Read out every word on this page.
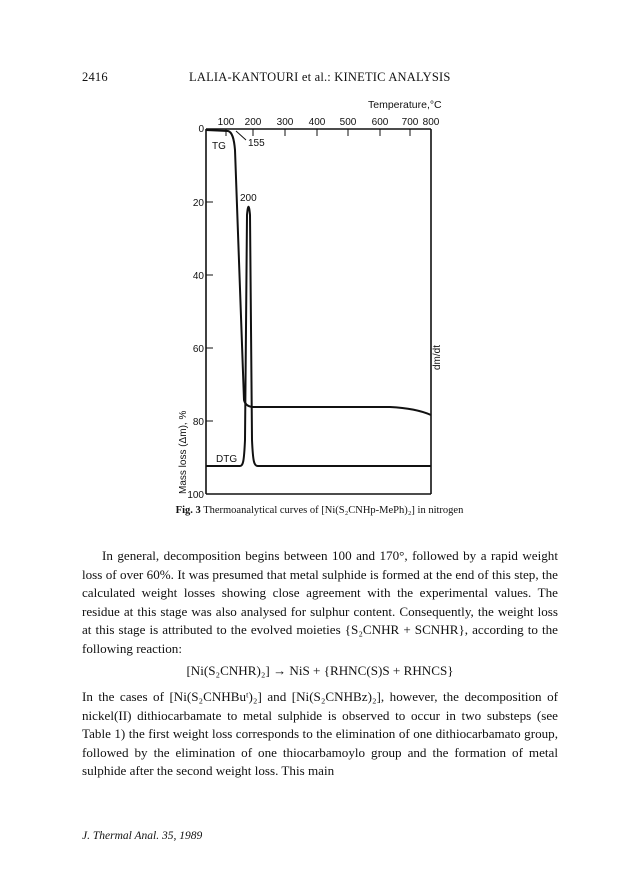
2416	LALIA-KANTOURI et al.: KINETIC ANALYSIS
Temperature,°C
100 200 300 400 500 600 700 800
0
20
40
60
80
100
Mass loss (Δm), %
dm/dt
TG 155
200
DTG
Fig. 3 Thermoanalytical curves of [Ni(S₂CNHp-MePh)₂] in nitrogen

In general, decomposition begins between 100 and 170°, followed by a rapid weight loss of over 60%. It was presumed that metal sulphide is formed at the end of this step, the calculated weight losses showing close agreement with the experimental values. The residue at this stage was also analysed for sulphur content. Consequently, the weight loss at this stage is attributed to the evolved moieties {S₂CNHR + SCNHR}, according to the following reaction:

[Ni(S₂CNHR)₂] → NiS + {RHNC(S)S + RHNCS}

In the cases of [Ni(S₂CNHBuᵗ)₂] and [Ni(S₂CNHBz)₂], however, the decomposition of nickel(II) dithiocarbamate to metal sulphide is observed to occur in two substeps (see Table 1) the first weight loss corresponds to the elimination of one dithiocarbamato group, followed by the elimination of one thiocarbamoylo group and the formation of metal sulphide after the second weight loss. This main

J. Thermal Anal. 35, 1989
